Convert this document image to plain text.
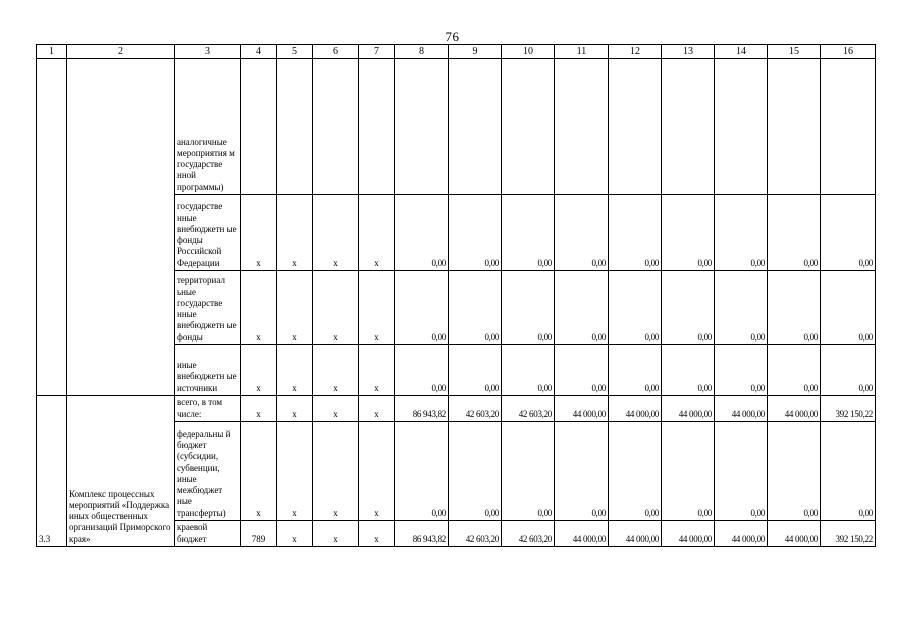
76
1	2	3	4	5	6	7	8	9	10	11	12	13	14	15	16
		аналогичные мероприятия м государстве нной программы)													
		государстве нные внебюджетн ые фонды Российской Федерации	x	x	x	x	0,00	0,00	0,00	0,00	0,00	0,00	0,00	0,00	0,00
		территориал ьные государстве нные внебюджетн ые фонды	x	x	x	x	0,00	0,00	0,00	0,00	0,00	0,00	0,00	0,00	0,00
		иные внебюджетн ые источники	x	x	x	x	0,00	0,00	0,00	0,00	0,00	0,00	0,00	0,00	0,00
3.3	Комплекс процессных мероприятий «Поддержка иных общественных организаций Приморского края»	всего, в том числе:	x	x	x	x	86 943,82	42 603,20	42 603,20	44 000,00	44 000,00	44 000,00	44 000,00	44 000,00	392 150,22
		федеральны й бюджет (субсидии, субвенции, иные межбюджет ные трансферты)	x	x	x	x	0,00	0,00	0,00	0,00	0,00	0,00	0,00	0,00	0,00
		краевой бюджет	789	x	x	x	86 943,82	42 603,20	42 603,20	44 000,00	44 000,00	44 000,00	44 000,00	44 000,00	392 150,22
